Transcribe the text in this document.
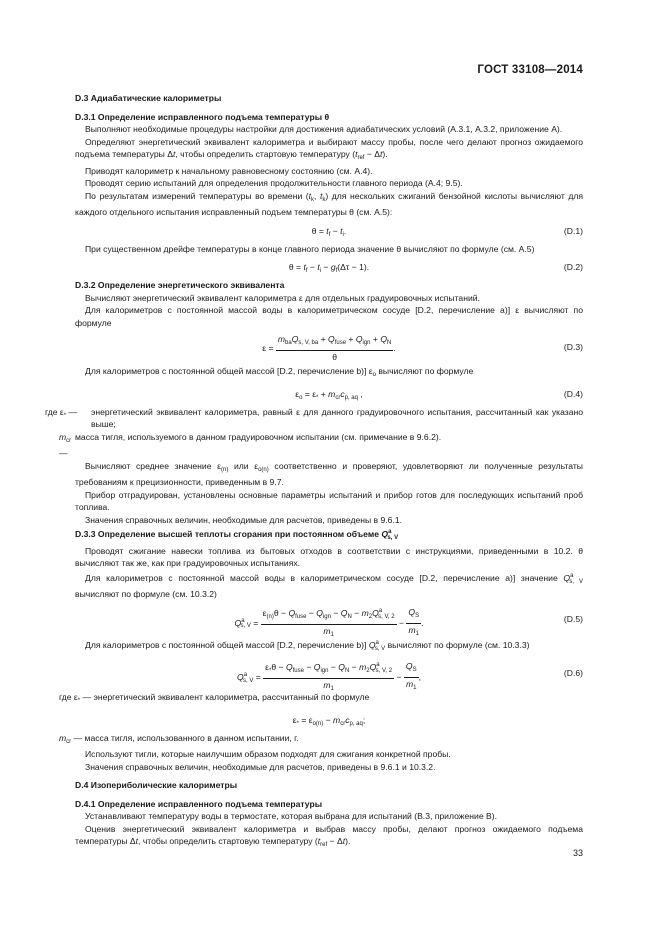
ГОСТ 33108—2014

D.3 Адиабатические калориметры

D.3.1 Определение исправленного подъема температуры θ

Выполняют необходимые процедуры настройки для достижения адиабатических условий (А.3.1, А.3.2, приложение А).

Определяют энергетический эквивалент калориметра и выбирают массу пробы, после чего делают прогноз ожидаемого подъема температуры Δt, чтобы определить стартовую температуру $(t_{ref} - \Delta t)$.

Приводят калориметр к начальному равновесному состоянию (см. А.4).

Проводят серию испытаний для определения продолжительности главного периода (А.4; 9.5).

По результатам измерений температуры во времени ($t_k$, $t_k$) для нескольких сжиганий бензойной кислоты вычисляют для каждого отдельного испытания исправленный подъем температуры θ (см. А.5):

$\theta = t_f - t_i$.	(D.1)

При существенном дрейфе температуры в конце главного периода значение θ вычисляют по формуле (см. А.5)

$\theta = t_f - t_i - g_f(\Delta\tau - 1)$.	(D.2)

D.3.2 Определение энергетического эквивалента

Вычисляют энергетический эквивалент калориметра ε для отдельных градуировочных испытаний.

Для калориметров с постоянной массой воды в калориметрическом сосуде [D.2, перечисление а)] ε вычисляют по формуле

$\varepsilon = \frac{m_{ba}Q_{s, V, ba} + Q_{fuse} + Q_{ign} + Q_N}{\theta}$ .	(D.3)

Для калориметров с постоянной общей массой [D.2, перечисление b)] $\varepsilon_o$ вычисляют по формуле

$\varepsilon_o = \varepsilon_* + m_{cr}c_{p, aq}$ ,	(D.4)
где $\varepsilon_*$ —	энергетический эквивалент калориметра, равный ε для данного градуировочного испытания, рассчитанный как указано выше;
$m_{cr}$ —
масса тигля, используемого в данном градуировочном испытании (см. примечание в 9.6.2).

Вычисляют среднее значение $\varepsilon_{(n)}$ или $\varepsilon_{o(n)}$ соответственно и проверяют, удовлетворяют ли полученные результаты требованиям к прецизионности, приведенным в 9.7.

Прибор отградуирован, установлены основные параметры испытаний и прибор готов для последующих испытаний проб топлива.

Значения справочных величин, необходимые для расчетов, приведены в 9.6.1.

D.3.3 Определение высшей теплоты сгорания при постоянном объеме $Q^a_{s, V}$

Проводят сжигание навески топлива из бытовых отходов в соответствии с инструкциями, приведенными в 10.2. θ вычисляют так же, как при градуировочных испытаниях.

Для калориметров с постоянной массой воды в калориметрическом сосуде [D.2, перечисление а)] значение $Q^a_{s, V}$ вычисляют по формуле (см. 10.3.2)

$Q^a_{s, V} = \frac{\varepsilon_{(n)}\theta - Q_{fuse} - Q_{ign} - Q_N - m_2Q^a_{s, V, 2}}{m_1} - \frac{Q_S}{m_1}$ .	(D.5)

Для калориметров с постоянной общей массой [D.2, перечисление b)] $Q^a_{s, V}$ вычисляют по формуле (см. 10.3.3)

$Q^a_{s, V} = \frac{\varepsilon_*\theta - Q_{fuse} - Q_{ign} - Q_N - m_2Q^a_{s, V, 2}}{m_1} - \frac{Q_S}{m_1}$ ,	(D.6)

где $\varepsilon_*$ — энергетический эквивалент калориметра, рассчитанный по формуле

$\varepsilon_* = \varepsilon_{o(n)} - m_{cr}c_{p, aq}$;

$m_{cr}$ — масса тигля, использованного в данном испытании, г.

Используют тигли, которые наилучшим образом подходят для сжигания конкретной пробы.

Значения справочных величин, необходимые для расчетов, приведены в 9.6.1 и 10.3.2.

D.4 Изопериболические калориметры

D.4.1 Определение исправленного подъема температуры

Устанавливают температуру воды в термостате, которая выбрана для испытаний (В.3, приложение В).

Оценив энергетический эквивалент калориметра и выбрав массу пробы, делают прогноз ожидаемого подъема температуры Δt, чтобы определить стартовую температуру $(t_{ref} - \Delta t)$.

33
